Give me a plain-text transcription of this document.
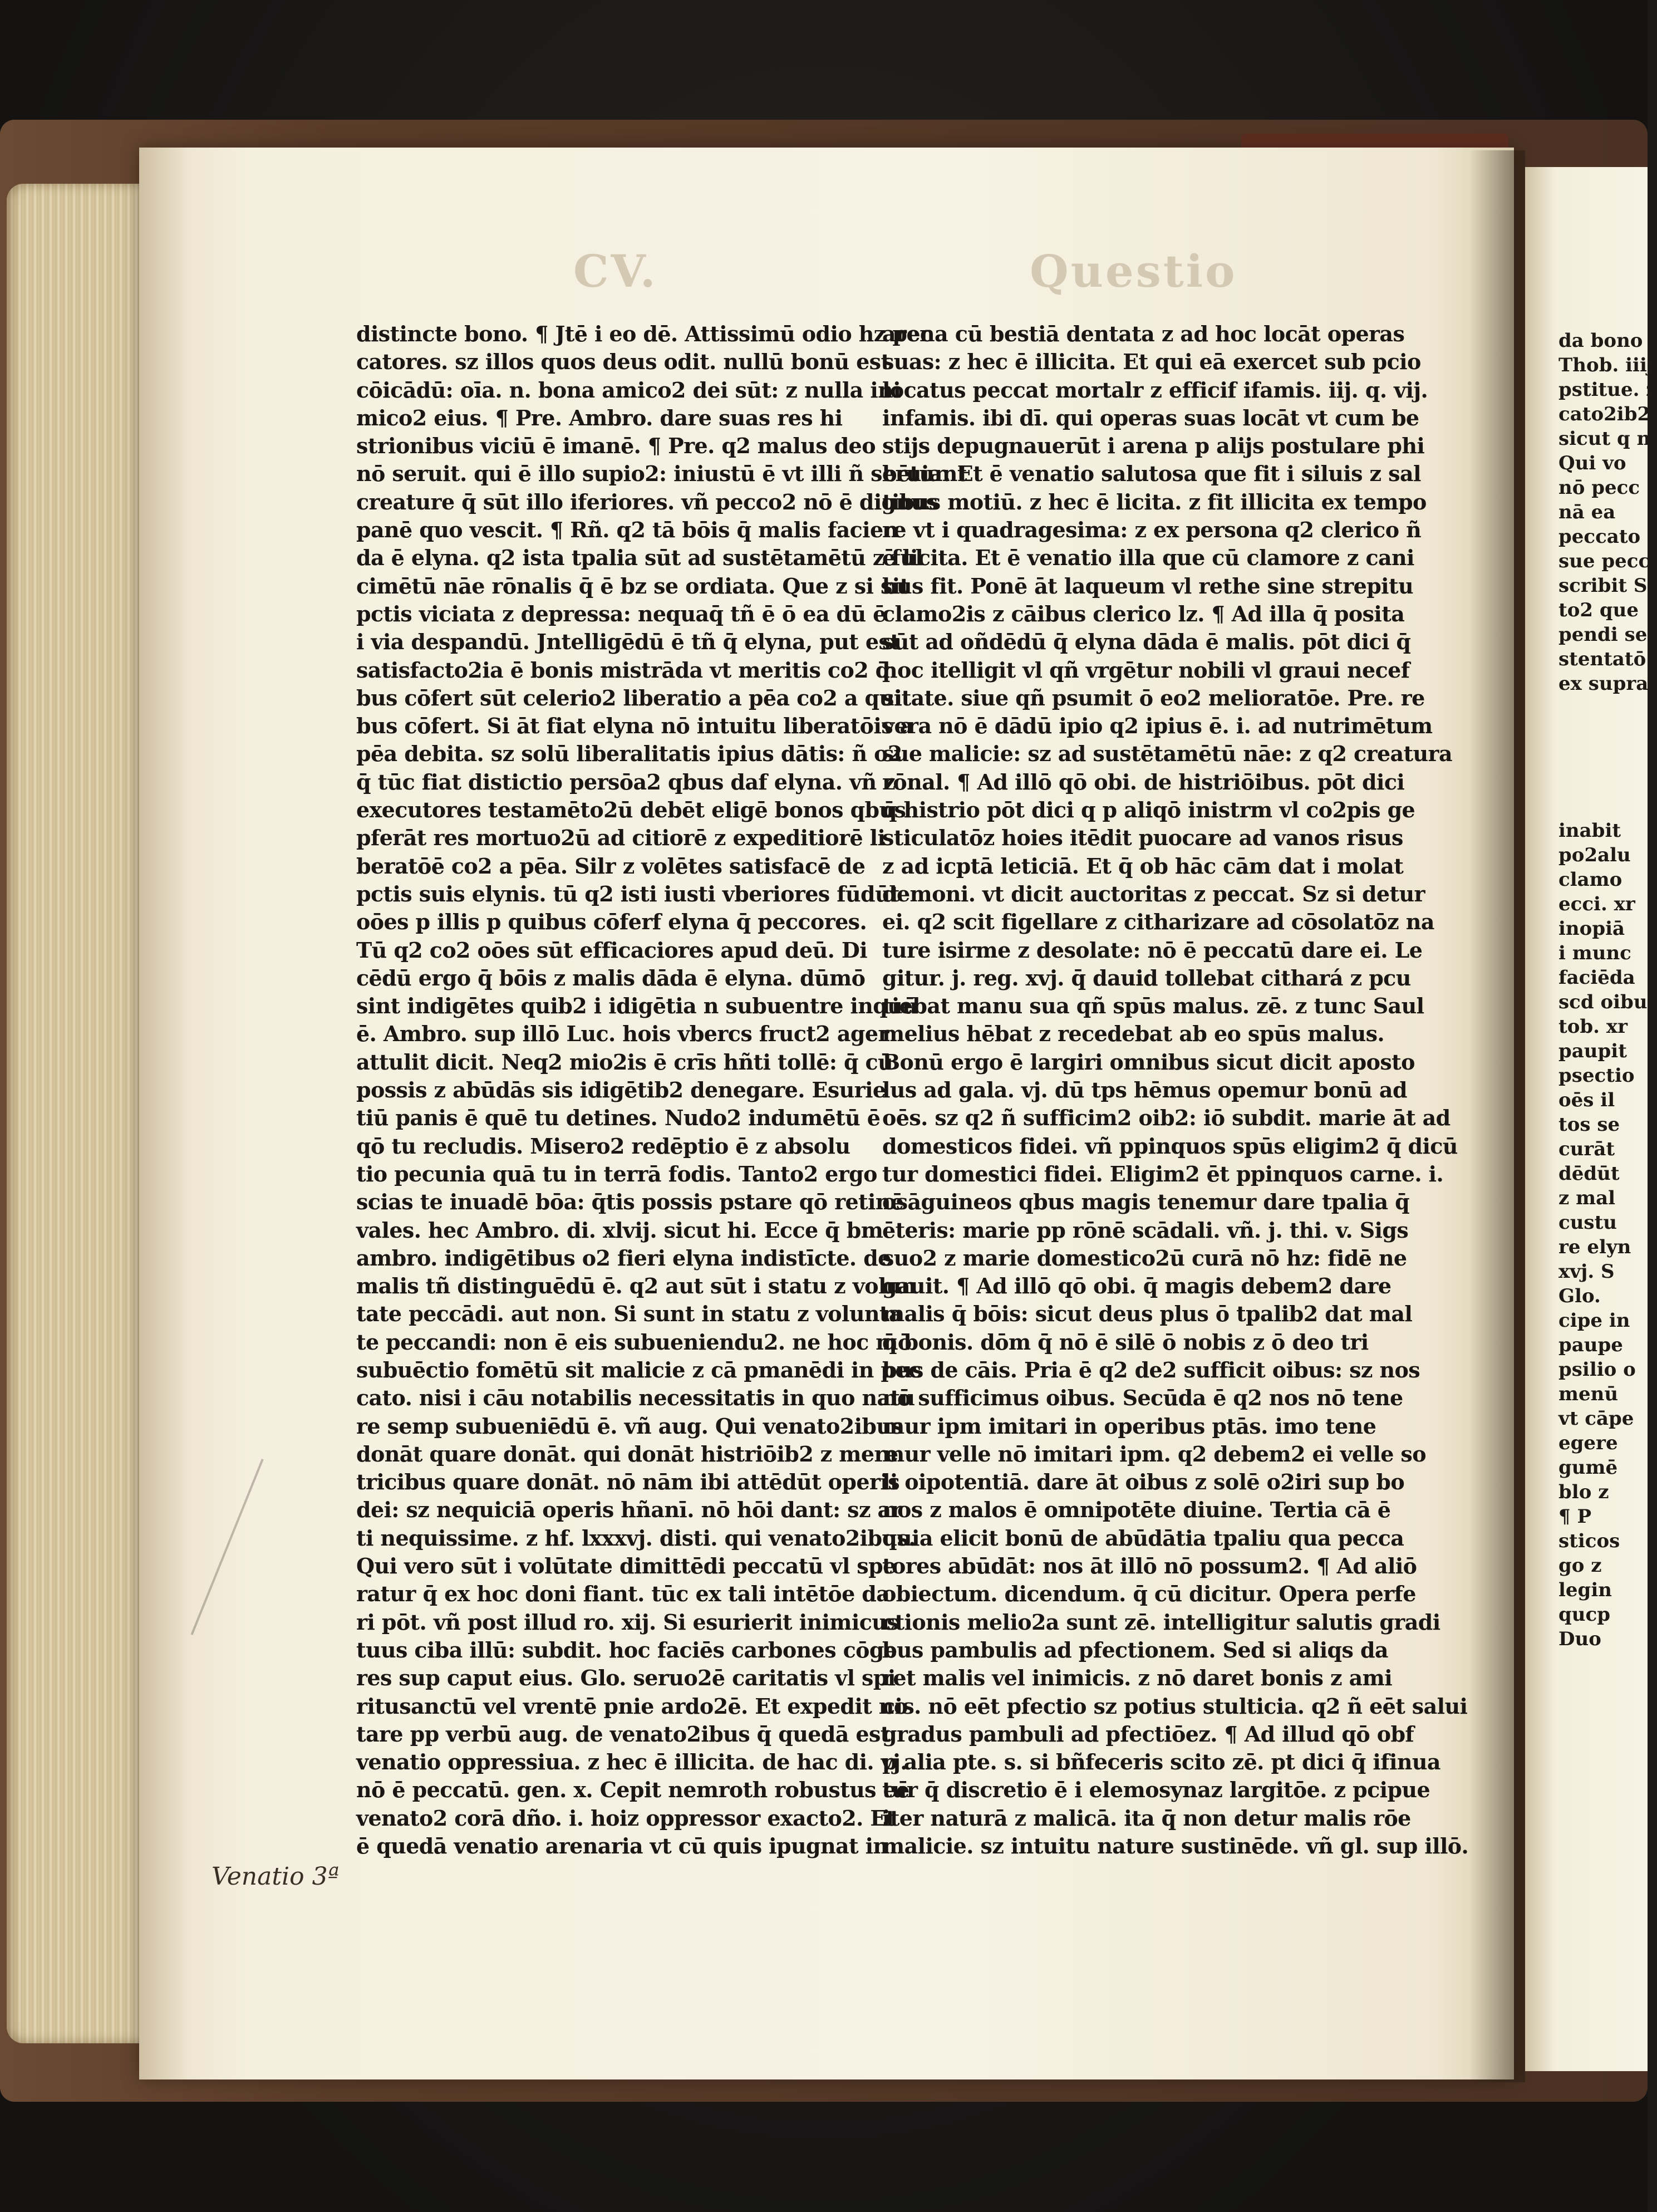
CV.	Questio
distincte bono. ¶ Jtē i eo dē. Attissimū odio hz pec
catores. sz illos quos deus odit. nullū bonū est
cōicādū: oīa. n. bona amico2 dei sūt: z nulla ini
mico2 eius. ¶ Pre. Ambro. dare suas res hi
strionibus viciū ē imanē. ¶ Pre. q2 malus deo
nō seruit. qui ē illo supio2: iniustū ē vt illi ñ seruiant
creature q̄ sūt illo iferiores. vñ pecco2 nō ē dignus
panē quo vescit. ¶ Rñ. q2 tā bōis q̄ malis facien
da ē elyna. q2 ista tpalia sūt ad sustētamētū z ful
cimētū nāe rōnalis q̄ ē bz se ordiata. Que z si sit
pctis viciata z depressa: nequaq̄ tñ ē ō ea dū ē
i via despandū. Jntelligēdū ē tñ q̄ elyna, put est
satisfacto2ia ē bonis mistrāda vt meritis co2 q̄
bus cōfert sūt celerio2 liberatio a pēa co2 a qui
bus cōfert. Si āt fiat elyna nō intuitu liberatōis a
pēa debita. sz solū liberalitatis ipius dātis: ñ o2
q̄ tūc fiat distictio persōa2 qbus daf elyna. vñ z
executores testamēto2ū debēt eligē bonos qbus
pferāt res mortuo2ū ad citiorē z expeditiorē li
beratōē co2 a pēa. Silr z volētes satisfacē de
pctis suis elynis. tū q2 isti iusti vberiores fūdūt
oōes p illis p quibus cōferf elyna q̄ peccores.
Tū q2 co2 oōes sūt efficaciores apud deū. Di
cēdū ergo q̄ bōis z malis dāda ē elyna. dūmō
sint indigētes quib2 i idigētia n subuentre inquū
ē. Ambro. sup illō Luc. hois vbercs fruct2 ager
attulit dicit. Neq2 mio2is ē crīs hñti tollē: q̄ cū
possis z abūdās sis idigētib2 denegare. Esurie
tiū panis ē quē tu detines. Nudo2 indumētū ē
qō tu recludis. Misero2 redēptio ē z absolu
tio pecunia quā tu in terrā fodis. Tanto2 ergo
scias te inuadē bōa: q̄tis possis pstare qō retinē
vales. hec Ambro. di. xlvij. sicut hi. Ecce q̄ bm
ambro. indigētibus o2 fieri elyna indistīcte. de
malis tñ distinguēdū ē. q2 aut sūt i statu z volun
tate peccādi. aut non. Si sunt in statu z volunta
te peccandi: non ē eis subueniendu2. ne hoc mō
subuēctio fomētū sit malicie z cā pmanēdi in pec
cato. nisi i cāu notabilis necessitatis in quo natu
re semp subueniēdū ē. vñ aug. Qui venato2ibus
donāt quare donāt. qui donāt histriōib2 z mere
tricibus quare donāt. nō nām ibi attēdūt operis
dei: sz nequiciā operis hñanī. nō hōi dant: sz ar
ti nequissime. z hf. lxxxvj. disti. qui venato2ibus.
Qui vero sūt i volūtate dimittēdi peccatū vl spe
ratur q̄ ex hoc doni fiant. tūc ex tali intētōe da
ri pōt. vñ post illud ro. xij. Si esurierit inimicus
tuus ciba illū: subdit. hoc faciēs carbones cōge
res sup caput eius. Glo. seruo2ē caritatis vl spi
ritusanctū vel vrentē pnie ardo2ē. Et expedit no
tare pp verbū aug. de venato2ibus q̄ quedā est
venatio oppressiua. z hec ē illicita. de hac di. vj.
nō ē peccatū. gen. x. Cepit nemroth robustus eē
venato2 corā dño. i. hoiz oppressor exacto2. Et
ē quedā venatio arenaria vt cū quis ipugnat in
arena cū bestiā dentata z ad hoc locāt operas
suas: z hec ē illicita. Et qui eā exercet sub pcio
locatus peccat mortalr z efficif ifamis. iij. q. vij.
infamis. ibi dī. qui operas suas locāt vt cum be
stijs depugnauerūt i arena p alijs postulare phi
bētur. Et ē venatio salutosa que fit i siluis z sal
tibus motiū. z hec ē licita. z fit illicita ex tempo
re vt i quadragesima: z ex persona q2 clerico ñ
ē licita. Et ē venatio illa que cū clamore z cani
bus fit. Ponē āt laqueum vl rethe sine strepitu
clamo2is z cāibus clerico lz. ¶ Ad illa q̄ posita
sūt ad oñdēdū q̄ elyna dāda ē malis. pōt dici q̄
hoc itelligit vl qñ vrgētur nobili vl graui necef
sitate. siue qñ psumit ō eo2 melioratōe. Pre. re
vera nō ē dādū ipio q2 ipius ē. i. ad nutrimētum
sue malicie: sz ad sustētamētū nāe: z q2 creatura
rōnal. ¶ Ad illō qō obi. de histriōibus. pōt dici
q̄ histrio pōt dici q p aliqō inistrm vl co2pis ge
sticulatōz hoies itēdit puocare ad vanos risus
z ad icptā leticiā. Et q̄ ob hāc cām dat i molat
demoni. vt dicit auctoritas z peccat. Sz si detur
ei. q2 scit figellare z citharizare ad cōsolatōz na
ture isirme z desolate: nō ē peccatū dare ei. Le
gitur. j. reg. xvj. q̄ dauid tollebat cithará z pcu
tiebat manu sua qñ spūs malus. zē. z tunc Saul
melius hēbat z recedebat ab eo spūs malus.
Bonū ergo ē largiri omnibus sicut dicit aposto
lus ad gala. vj. dū tps hēmus opemur bonū ad
oēs. sz q2 ñ sufficim2 oib2: iō subdit. marie āt ad
domesticos fidei. vñ ppinquos spūs eligim2 q̄ dicū
tur domestici fidei. Eligim2 ēt ppinquos carne. i.
osāguineos qbus magis tenemur dare tpalia q̄
ēteris: marie pp rōnē scādali. vñ. j. thi. v. Sigs
suo2 z marie domestico2ū curā nō hz: fidē ne
gauit. ¶ Ad illō qō obi. q̄ magis debem2 dare
malis q̄ bōis: sicut deus plus ō tpalib2 dat mal
q̄ bonis. dōm q̄ nō ē silē ō nobis z ō deo tri
bus de cāis. Pria ē q2 de2 sufficit oibus: sz nos
nō sufficimus oibus. Secūda ē q2 nos nō tene
mur ipm imitari in operibus ptās. imo tene
mur velle nō imitari ipm. q2 debem2 ei velle so
li oipotentiā. dare āt oibus z solē o2iri sup bo
nos z malos ē omnipotēte diuine. Tertia cā ē
quia elicit bonū de abūdātia tpaliu qua pecca
tores abūdāt: nos āt illō nō possum2. ¶ Ad aliō
obiectum. dicendum. q̄ cū dicitur. Opera perfe
ctionis melio2a sunt zē. intelligitur salutis gradi
bus pambulis ad pfectionem. Sed si aliqs da
ret malis vel inimicis. z nō daret bonis z ami
cis. nō eēt pfectio sz potius stulticia. q2 ñ eēt salui
gradus pambuli ad pfectiōez. ¶ Ad illud qō obf
p alia pte. s. si bñfeceris scito zē. pt dici q̄ ifinua
tur q̄ discretio ē i elemosynaz largitōe. z pcipue
iter naturā z malicā. ita q̄ non detur malis rōe
malicie. sz intuitu nature sustinēde. vñ gl. sup illō.
da bono
Thob. iiij
pstitue. z
cato2ib2
sicut q n
Qui vo
nō pecc
nā ea
peccato
sue pecc
scribit S
to2 que
pendi se
stentatō
ex supra
inabit
po2alu
clamo
ecci. xr
inopiā
i munc
faciēda
scd oibu
tob. xr
paupit
psectio
oēs il
tos se
curāt
dēdūt
z mal
custu
re elyn
xvj. S
Glo.
cipe in
paupe
psilio o
menū
vt cāpe
egere
gumē
blo z
¶ P
sticos
go z
legin
qucp
Duo
Venatio 3ª
